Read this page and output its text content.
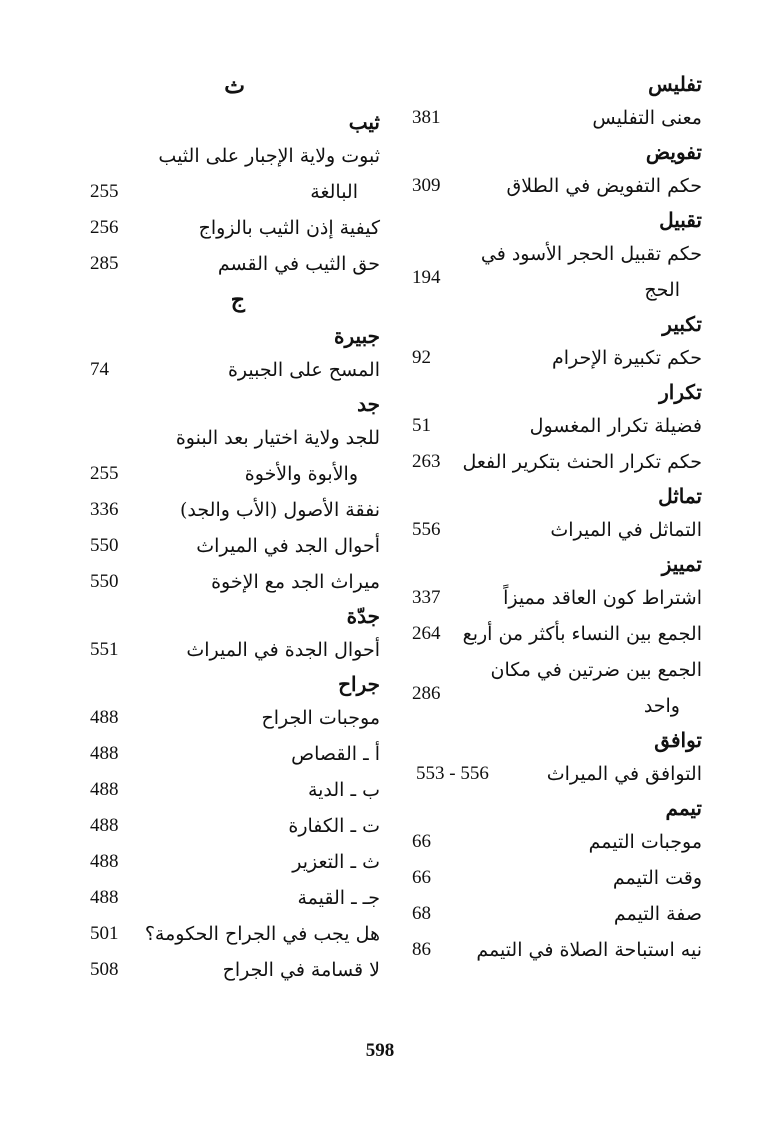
تفليس
معنى التفليس
381
تفويض
حكم التفويض في الطلاق
309
تقبيل
حكم تقبيل الحجر الأسود في
الحج
194
تكبير
حكم تكبيرة الإحرام
92
تكرار
فضيلة تكرار المغسول
51
حكم تكرار الحنث بتكرير الفعل
263
تماثل
التماثل في الميراث
556
تمييز
اشتراط كون العاقد مميزاً
337
الجمع بين النساء بأكثر من أربع
264
الجمع بين ضرتين في مكان
واحد
286
توافق
التوافق في الميراث
553 - 556
تيمم
موجبات التيمم
66
وقت التيمم
66
صفة التيمم
68
نيه استباحة الصلاة في التيمم
86
ث
ثيب
ثبوت ولاية الإجبار على الثيب
البالغة
255
كيفية إذن الثيب بالزواج
256
حق الثيب في القسم
285
ج
جبيرة
المسح على الجبيرة
74
جد
للجد ولاية اختيار بعد البنوة
والأبوة والأخوة
255
نفقة الأصول (الأب والجد)
336
أحوال الجد في الميراث
550
ميراث الجد مع الإخوة
550
جدّة
أحوال الجدة في الميراث
551
جراح
موجبات الجراح
488
أ ـ القصاص
488
ب ـ الدية
488
ت ـ الكفارة
488
ث ـ التعزير
488
جـ ـ القيمة
488
هل يجب في الجراح الحكومة؟
501
لا قسامة في الجراح
508
598
